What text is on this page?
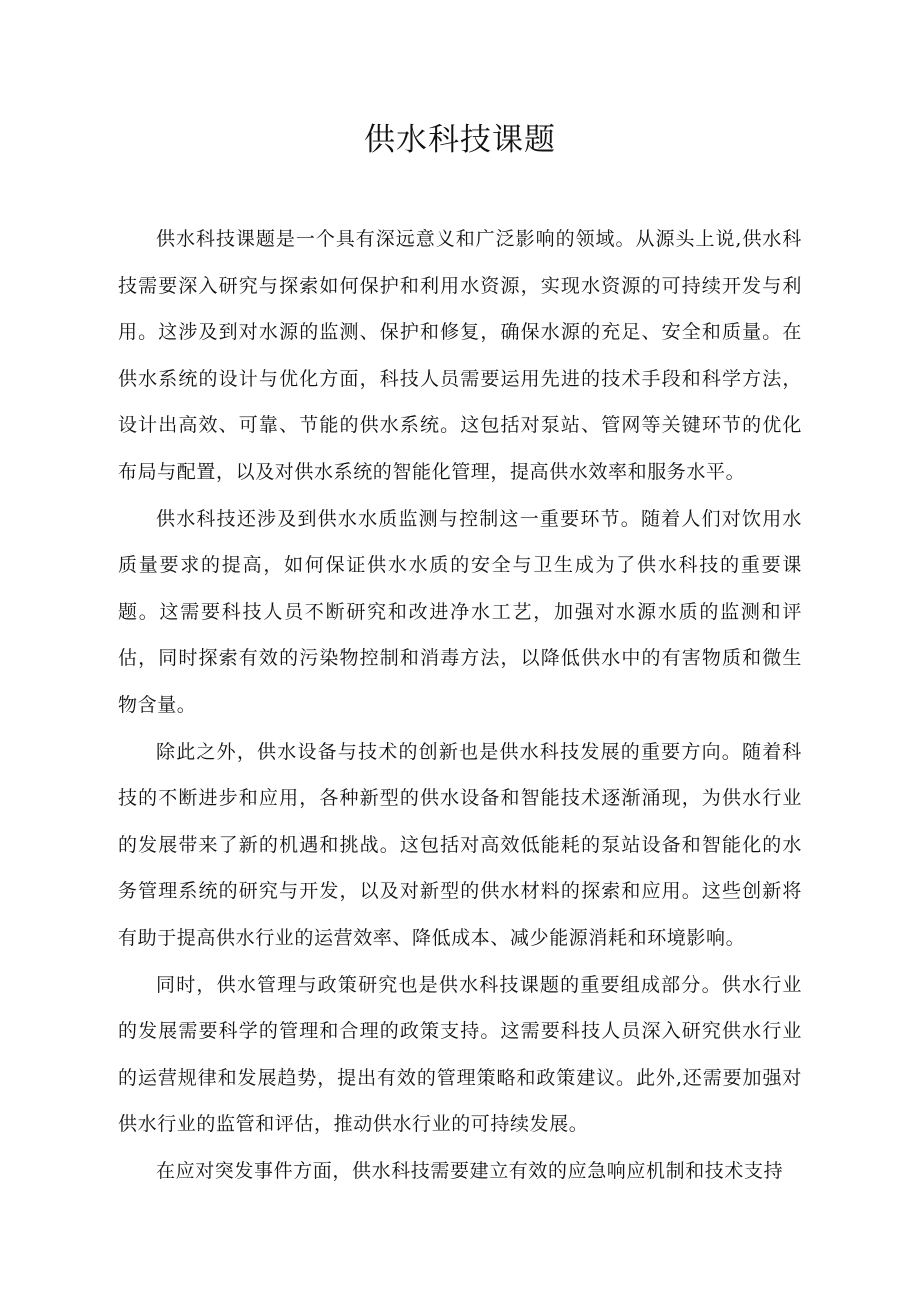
供水科技课题

供水科技课题是一个具有深远意义和广泛影响的领域。从源头上说,供水科技需要深入研究与探索如何保护和利用水资源，实现水资源的可持续开发与利用。这涉及到对水源的监测、保护和修复，确保水源的充足、安全和质量。在供水系统的设计与优化方面，科技人员需要运用先进的技术手段和科学方法，设计出高效、可靠、节能的供水系统。这包括对泵站、管网等关键环节的优化布局与配置，以及对供水系统的智能化管理，提高供水效率和服务水平。

供水科技还涉及到供水水质监测与控制这一重要环节。随着人们对饮用水质量要求的提高，如何保证供水水质的安全与卫生成为了供水科技的重要课题。这需要科技人员不断研究和改进净水工艺，加强对水源水质的监测和评估，同时探索有效的污染物控制和消毒方法，以降低供水中的有害物质和微生物含量。

除此之外，供水设备与技术的创新也是供水科技发展的重要方向。随着科技的不断进步和应用，各种新型的供水设备和智能技术逐渐涌现，为供水行业的发展带来了新的机遇和挑战。这包括对高效低能耗的泵站设备和智能化的水务管理系统的研究与开发，以及对新型的供水材料的探索和应用。这些创新将有助于提高供水行业的运营效率、降低成本、减少能源消耗和环境影响。

同时，供水管理与政策研究也是供水科技课题的重要组成部分。供水行业的发展需要科学的管理和合理的政策支持。这需要科技人员深入研究供水行业的运营规律和发展趋势，提出有效的管理策略和政策建议。此外,还需要加强对供水行业的监管和评估，推动供水行业的可持续发展。

在应对突发事件方面，供水科技需要建立有效的应急响应机制和技术支持
